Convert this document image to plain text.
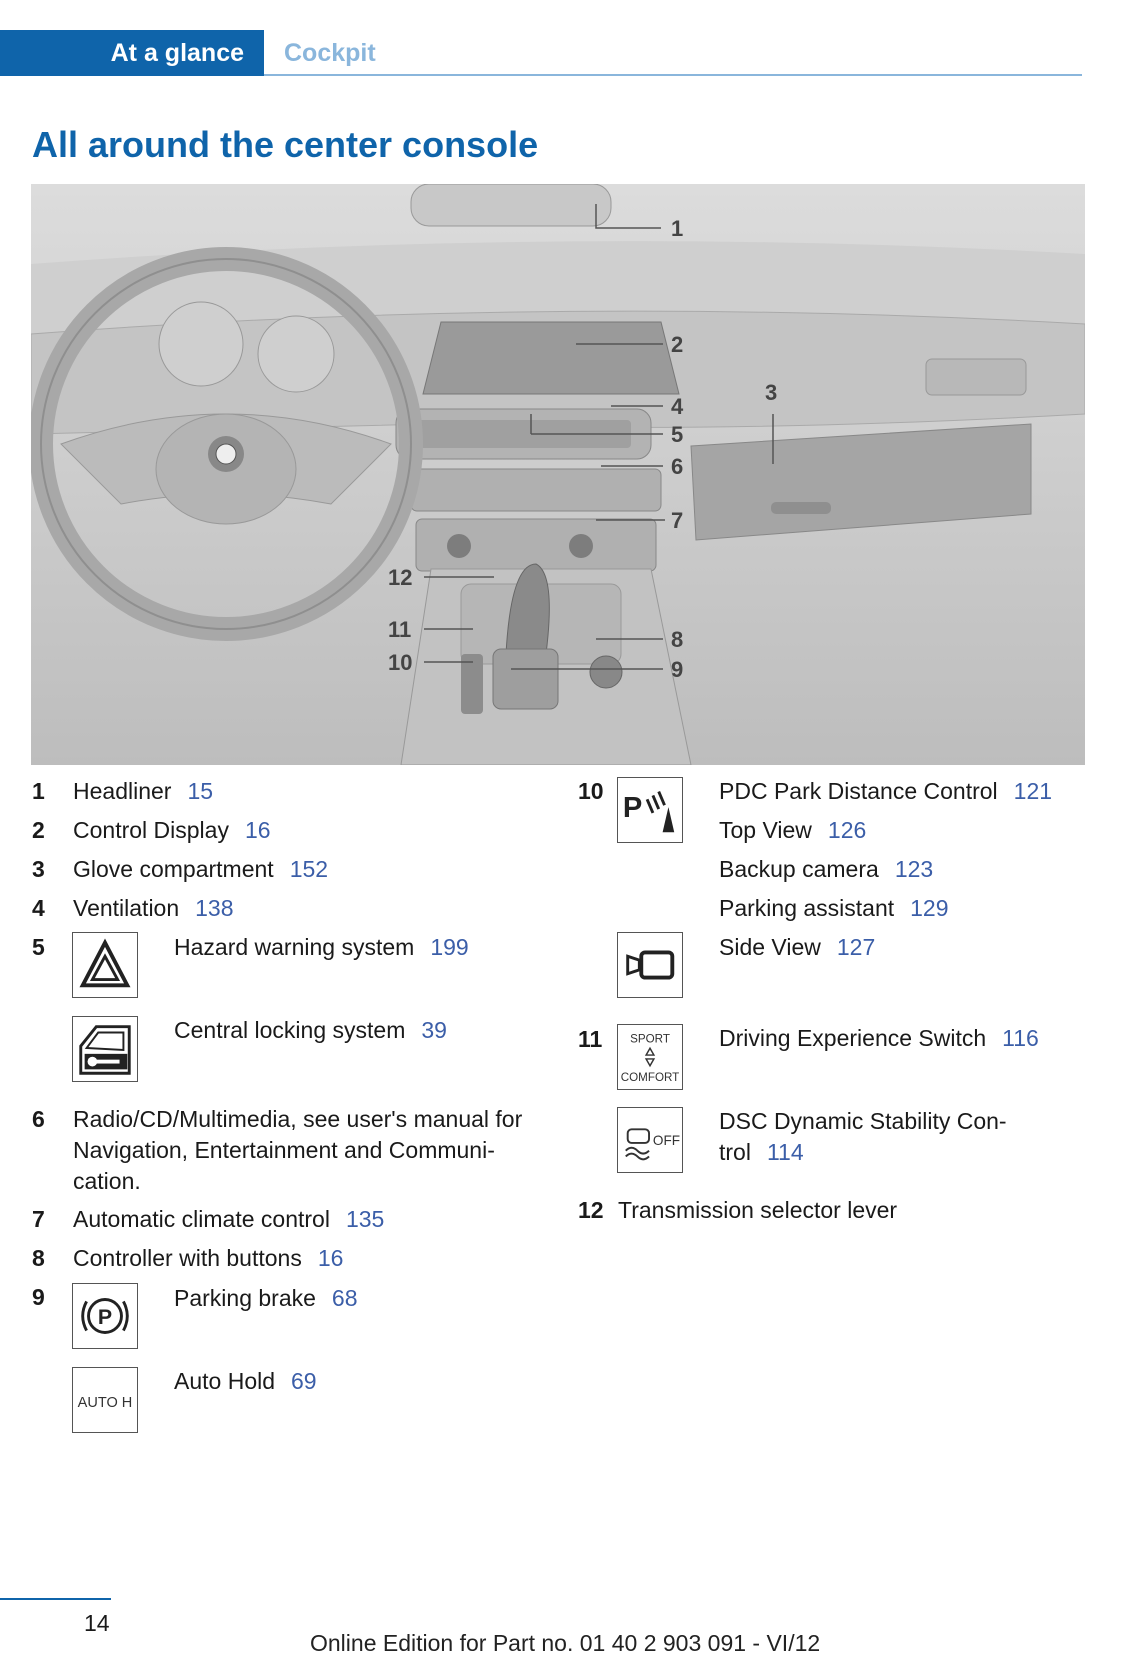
At a glance Cockpit
All around the center console
1
2
3
4
5
6
7
8
9
10
11
12
1 Headliner 15
2 Control Display 16
3 Glove compartment 152
4 Ventilation 138
5	Hazard warning system 199
Central locking system 39
6 Radio/CD/Multimedia, see user's manual for
Navigation, Entertainment and Communi-
cation.
7 Automatic climate control 135
8 Controller with buttons 16
9
P
Parking brake 68
AUTO H
Auto Hold 69
10
P
PDC Park Distance Control 121
Top View 126
Backup camera 123
Parking assistant 129
Side View 127
11 SPORT
COMFORT
Driving Experience Switch 116
OFF
DSC Dynamic Stability Con-
trol 114
12 Transmission selector lever
14
Online Edition for Part no. 01 40 2 903 091 - VI/12
